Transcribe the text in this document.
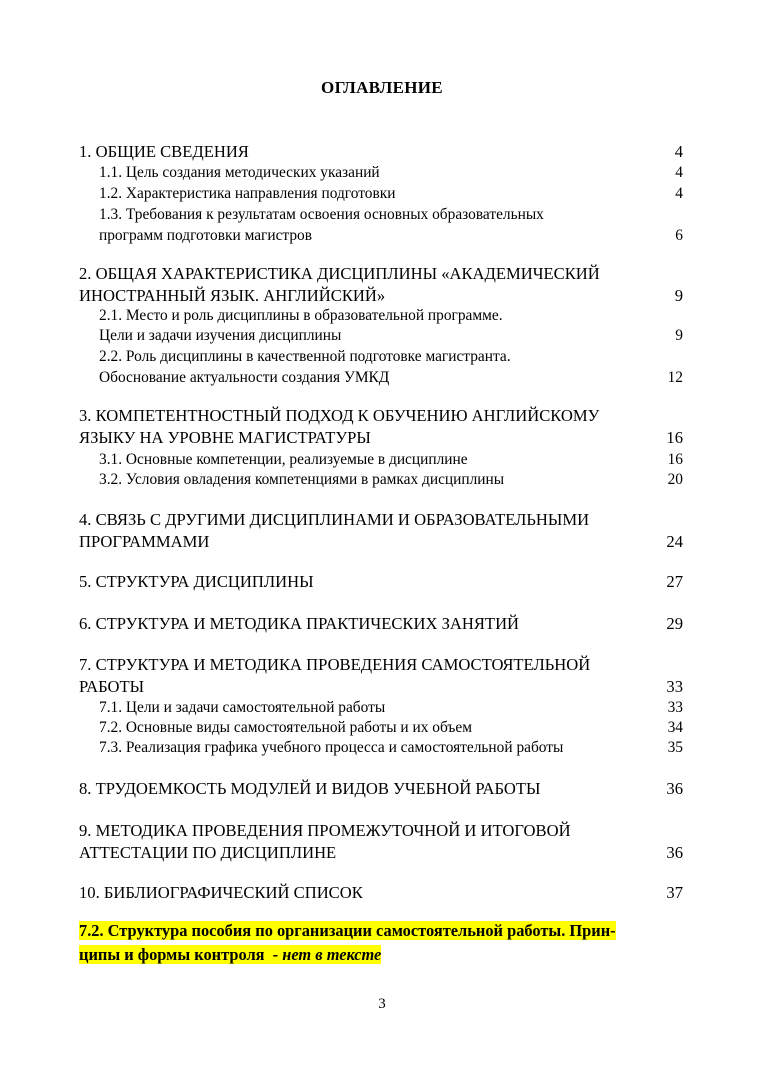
ОГЛАВЛЕНИЕ
1. ОБЩИЕ СВЕДЕНИЯ	4
1.1. Цель создания методических указаний	4
1.2. Характеристика направления подготовки	4
1.3. Требования к результатам освоения основных образовательных
программ подготовки магистров	6
2. ОБЩАЯ ХАРАКТЕРИСТИКА ДИСЦИПЛИНЫ «АКАДЕМИЧЕСКИЙ
ИНОСТРАННЫЙ ЯЗЫК. АНГЛИЙСКИЙ»	9
2.1. Место и роль дисциплины в образовательной программе.
Цели и задачи изучения дисциплины	9
2.2. Роль дисциплины в качественной подготовке магистранта.
Обоснование актуальности создания УМКД	12
3. КОМПЕТЕНТНОСТНЫЙ ПОДХОД К ОБУЧЕНИЮ АНГЛИЙСКОМУ
ЯЗЫКУ НА УРОВНЕ МАГИСТРАТУРЫ	16
3.1. Основные компетенции, реализуемые в дисциплине	16
3.2. Условия овладения компетенциями в рамках дисциплины	20
4. СВЯЗЬ С ДРУГИМИ ДИСЦИПЛИНАМИ И ОБРАЗОВАТЕЛЬНЫМИ
ПРОГРАММАМИ	24
5. СТРУКТУРА ДИСЦИПЛИНЫ	27
6. СТРУКТУРА И МЕТОДИКА ПРАКТИЧЕСКИХ ЗАНЯТИЙ	29
7. СТРУКТУРА И МЕТОДИКА ПРОВЕДЕНИЯ САМОСТОЯТЕЛЬНОЙ
РАБОТЫ	33
7.1. Цели и задачи самостоятельной работы	33
7.2. Основные виды самостоятельной работы и их объем	34
7.3. Реализация графика учебного процесса и самостоятельной работы	35
8. ТРУДОЕМКОСТЬ МОДУЛЕЙ И ВИДОВ УЧЕБНОЙ РАБОТЫ	36
9. МЕТОДИКА ПРОВЕДЕНИЯ ПРОМЕЖУТОЧНОЙ И ИТОГОВОЙ
АТТЕСТАЦИИ ПО ДИСЦИПЛИНЕ	36
10. БИБЛИОГРАФИЧЕСКИЙ СПИСОК	37
7.2. Структура пособия по организации самостоятельной работы. Прин-
ципы и формы контроля - нет в тексте
3
